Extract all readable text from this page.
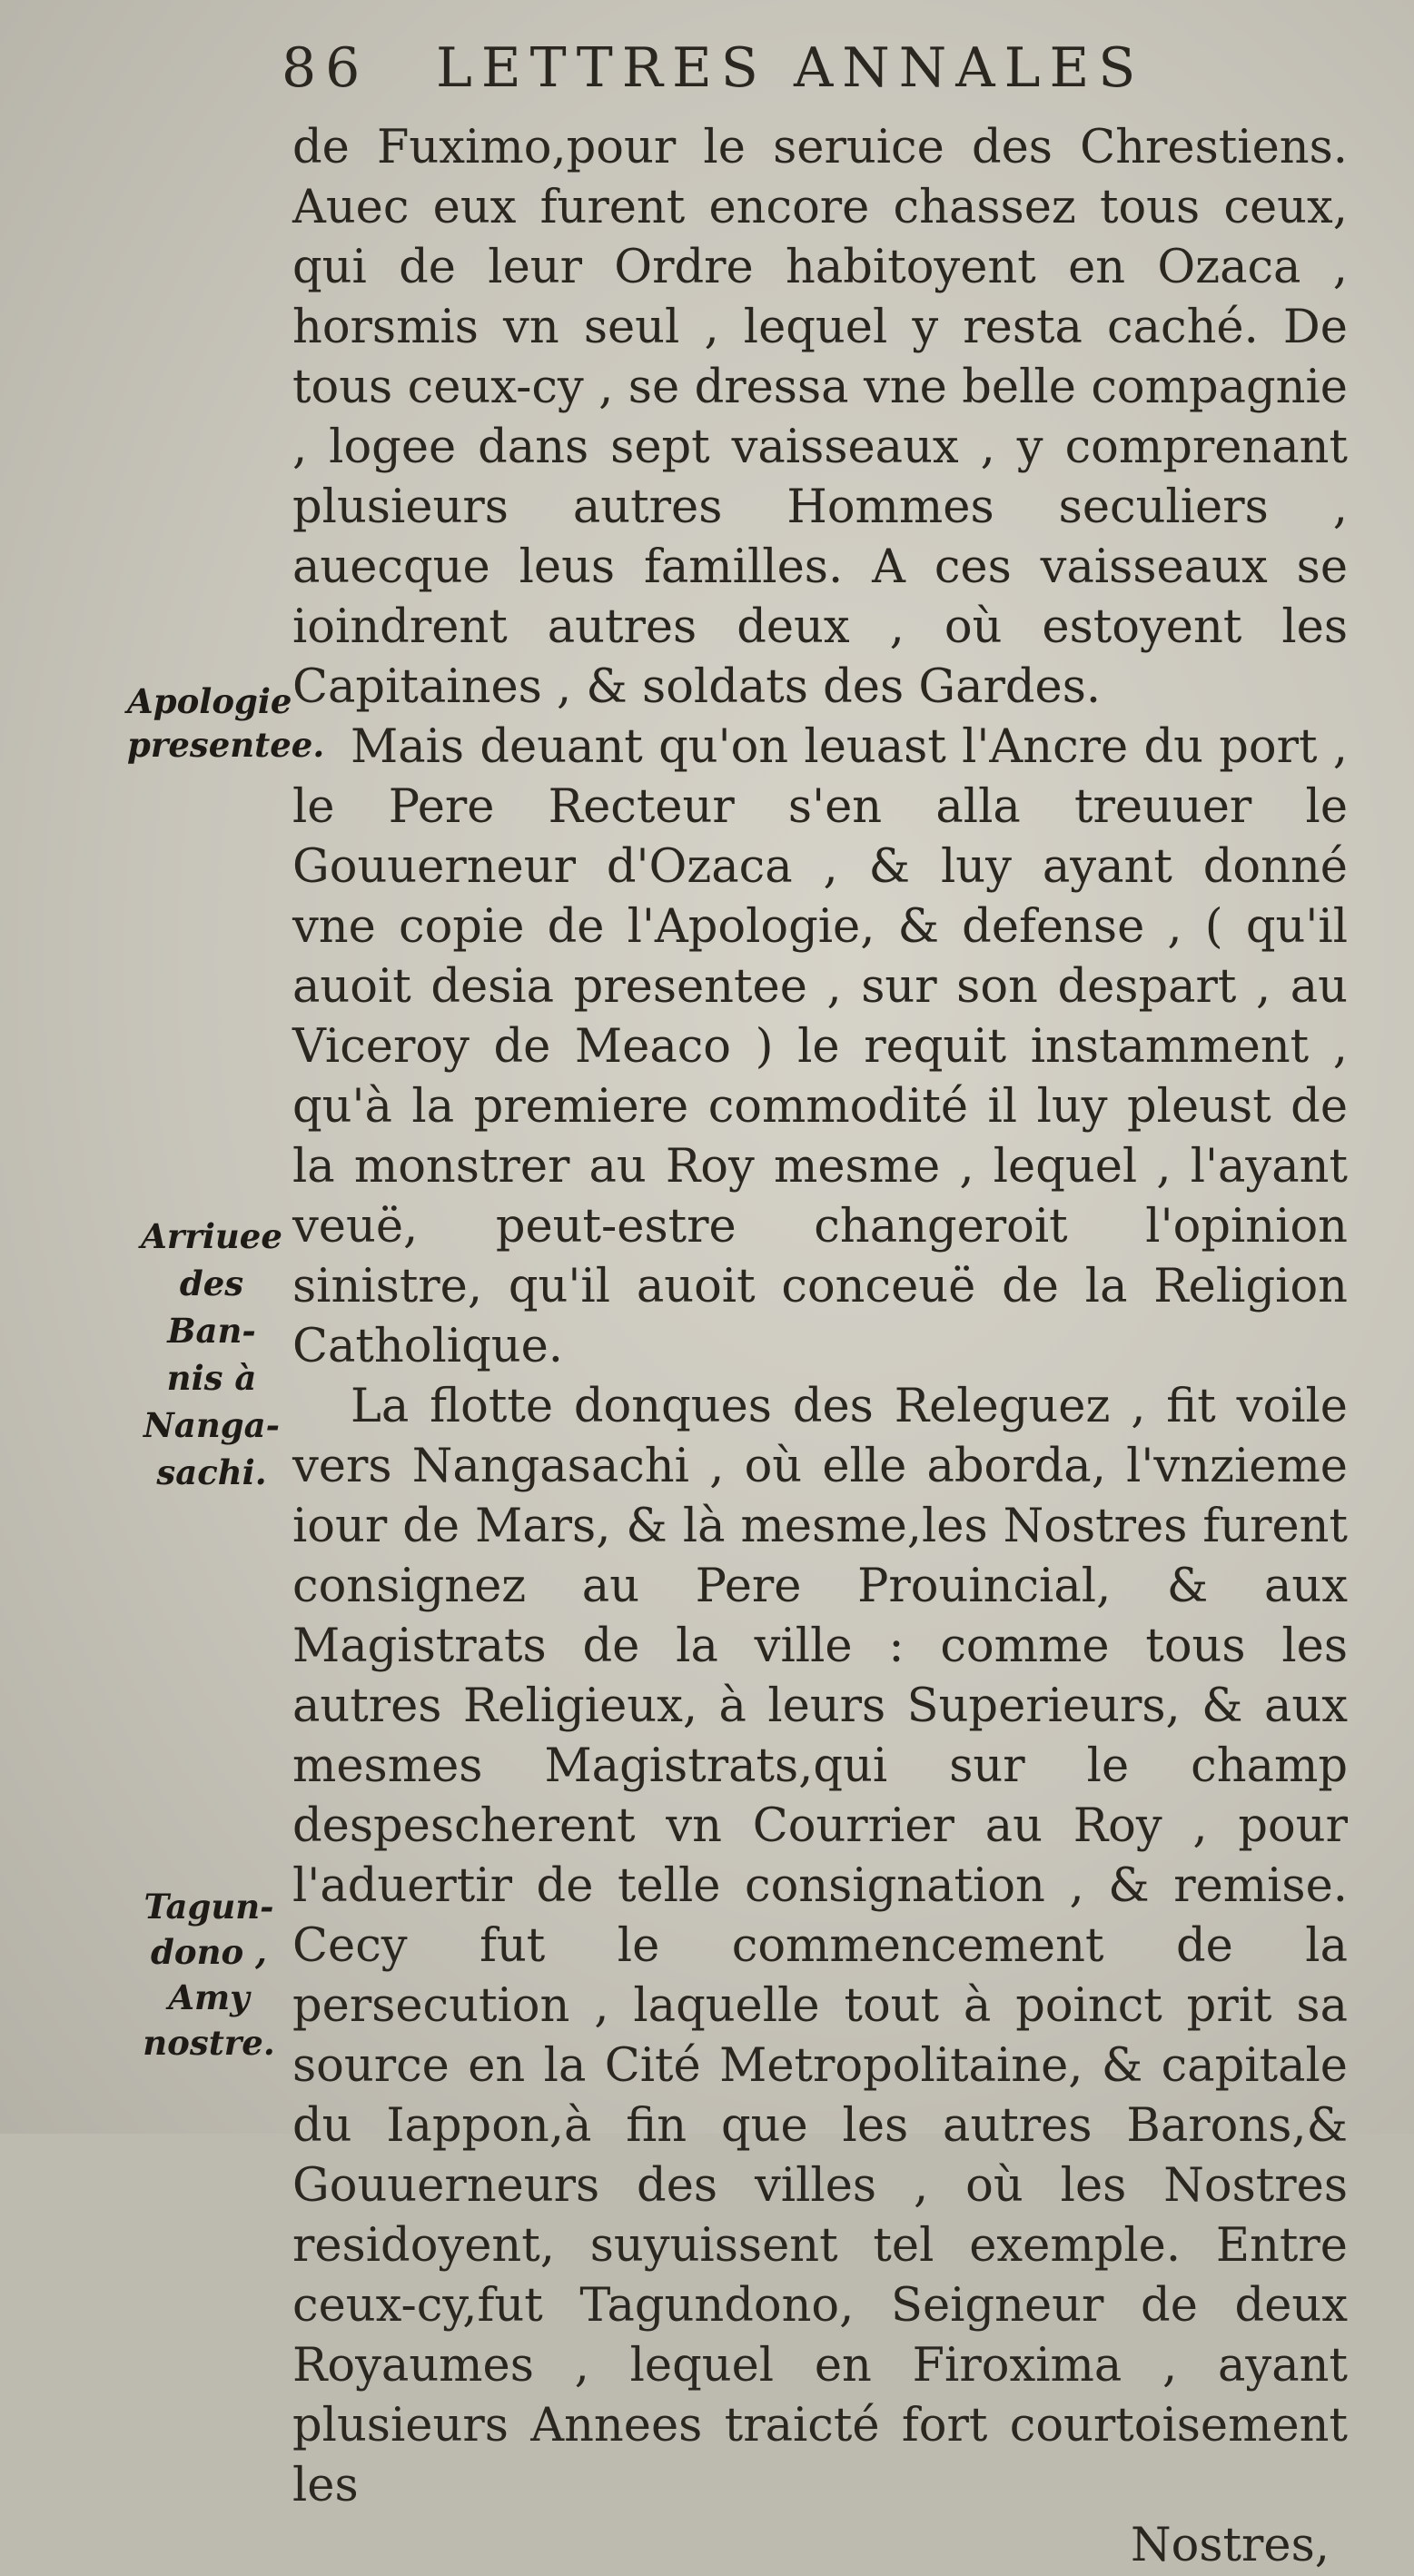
86 LETTRES ANNALES
Apologie
presentee.
Arriuee
des Ban-
nis à
Nanga-
sachi.
Tagun-
dono ,
Amy
nostre.

de Fuximo,pour le seruice des Chrestiens. Auec eux furent encore chassez tous ceux, qui de leur Ordre habitoyent en Ozaca , horsmis vn seul , lequel y resta caché. De tous ceux-cy , se dressa vne belle compagnie , logee dans sept vaisseaux , y comprenant plusieurs autres Hommes seculiers , auecque leus familles. A ces vaisseaux se ioindrent autres deux , où estoyent les Capitaines , & soldats des Gardes.

Mais deuant qu'on leuast l'Ancre du port , le Pere Recteur s'en alla treuuer le Gouuerneur d'Ozaca , & luy ayant donné vne copie de l'Apologie, & defense , ( qu'il auoit desia presentee , sur son despart , au Viceroy de Meaco ) le requit instamment , qu'à la premiere commodité il luy pleust de la monstrer au Roy mesme , lequel , l'ayant veuë, peut-estre changeroit l'opinion sinistre, qu'il auoit conceuë de la Religion Catholique.

La flotte donques des Releguez , fit voile vers Nangasachi , où elle aborda, l'vnzieme iour de Mars, & là mesme,les Nostres furent consignez au Pere Prouincial, & aux Magistrats de la ville : comme tous les autres Religieux, à leurs Superieurs, & aux mesmes Magistrats,qui sur le champ despescherent vn Courrier au Roy , pour l'aduertir de telle consignation , & remise. Cecy fut le commencement de la persecution , laquelle tout à poinct prit sa source en la Cité Metropolitaine, & capitale du Iappon,à fin que les autres Barons,& Gouuerneurs des villes , où les Nostres residoyent, suyuissent tel exemple. Entre ceux-cy,fut Tagundono, Seigneur de deux Royaumes , lequel en Firoxima , ayant plusieurs Annees traicté fort courtoisement les

Nostres,
